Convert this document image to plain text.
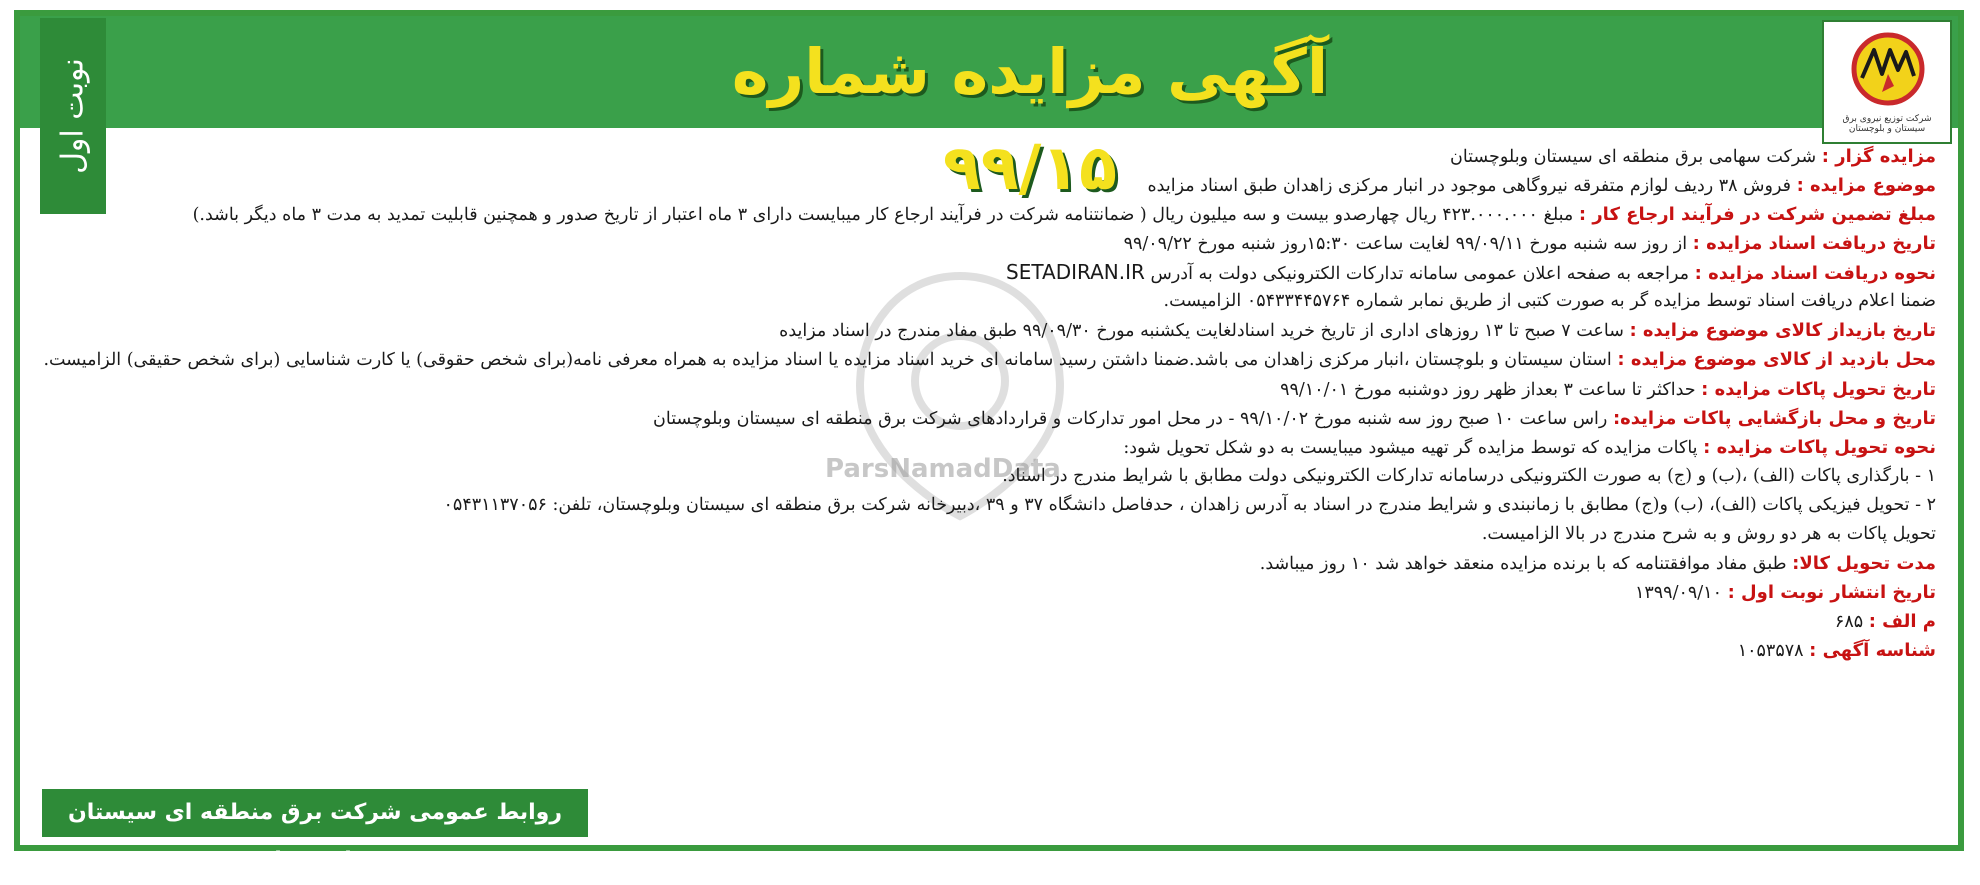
آگهی مزایده شماره ۹۹/۱۵
شرکت توزیع نیروی برق سیستان و بلوچستان
نوبت اول
ParsNamadData
مزایده گزار : شرکت سهامی برق منطقه ای سیستان وبلوچستان
موضوع مزایده : فروش ۳۸ ردیف لوازم متفرقه نیروگاهی موجود در انبار مرکزی زاهدان طبق اسناد مزایده
مبلغ تضمین شرکت در فرآیند ارجاع کار : مبلغ ۴۲۳.۰۰۰.۰۰۰ ریال چهارصدو بیست و سه میلیون ریال ( ضمانتنامه شرکت در فرآیند ارجاع کار میبایست دارای ۳ ماه اعتبار از تاریخ صدور و همچنین قابلیت تمدید به مدت ۳ ماه دیگر باشد.)
تاریخ دریافت اسناد مزایده : از روز سه شنبه مورخ ۹۹/۰۹/۱۱ لغایت ساعت ۱۵:۳۰روز شنبه مورخ ۹۹/۰۹/۲۲
نحوه دریافت اسناد مزایده : مراجعه به صفحه اعلان عمومی سامانه تدارکات الکترونیکی دولت به آدرس SETADIRAN.IR
ضمنا اعلام دریافت اسناد توسط مزایده گر به صورت کتبی از طریق نمابر شماره ۰۵۴۳۳۴۴۵۷۶۴ الزامیست.
تاریخ بازیداز کالای موضوع مزایده : ساعت ۷ صبح تا ۱۳ روزهای اداری از تاریخ خرید اسنادلغایت یکشنبه مورخ ۹۹/۰۹/۳۰ طبق مفاد مندرج در اسناد مزایده
محل بازدید از کالای موضوع مزایده : استان سیستان و بلوچستان ،انبار مرکزی زاهدان می باشد.ضمنا داشتن رسید سامانه ای خرید اسناد مزایده یا اسناد مزایده به همراه معرفی نامه(برای شخص حقوقی) یا کارت شناسایی (برای شخص حقیقی) الزامیست.
تاریخ تحویل پاکات مزایده : حداکثر تا ساعت ۳ بعداز ظهر روز دوشنبه مورخ ۹۹/۱۰/۰۱
تاریخ و محل بازگشایی پاکات مزایده: راس ساعت ۱۰ صبح روز سه شنبه مورخ ۹۹/۱۰/۰۲ - در محل امور تدارکات و قراردادهای شرکت برق منطقه ای سیستان وبلوچستان
نحوه تحویل پاکات مزایده : پاکات مزایده که توسط مزایده گر تهیه میشود میبایست به دو شکل تحویل شود:
۱ - بارگذاری پاکات (الف) ،(ب) و (ج) به صورت الکترونیکی درسامانه تدارکات الکترونیکی دولت مطابق با شرایط مندرج در اسناد.
۲ - تحویل فیزیکی پاکات (الف)، (ب) و(ج) مطابق با زمانبندی و شرایط مندرج در اسناد به آدرس زاهدان ، حدفاصل دانشگاه ۳۷ و ۳۹ ،دبیرخانه شرکت برق منطقه ای سیستان وبلوچستان، تلفن: ۰۵۴۳۱۱۳۷۰۵۶
تحویل پاکات به هر دو روش و به شرح مندرج در بالا الزامیست.
مدت تحویل کالا: طبق مفاد موافقتنامه که با برنده مزایده منعقد خواهد شد ۱۰ روز میباشد.
تاریخ انتشار نوبت اول : ۱۳۹۹/۰۹/۱۰
م الف : ۶۸۵
شناسه آگهی : ۱۰۵۳۵۷۸
روابط عمومی شرکت برق منطقه ای سیستان وبلوچستان
